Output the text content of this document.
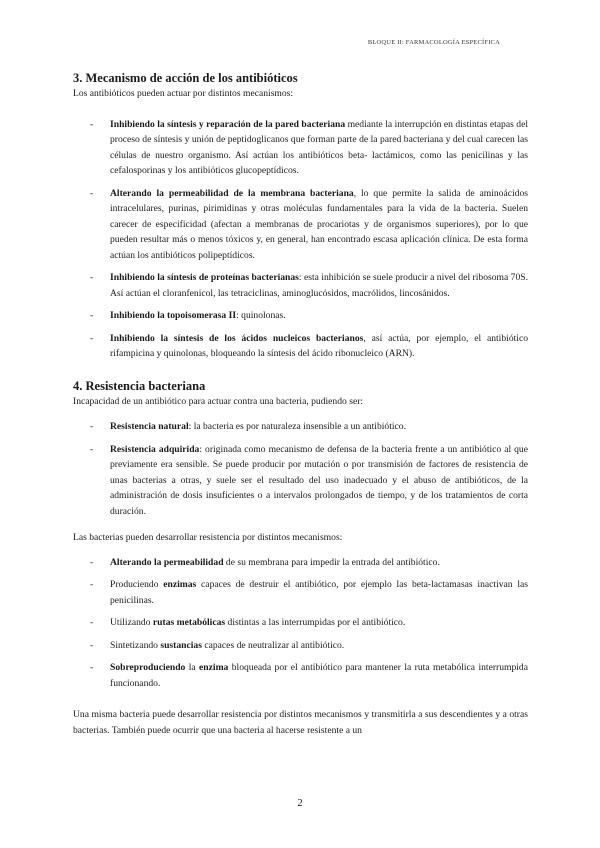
BLOQUE II: FARMACOLOGÍA ESPECÍFICA
3. Mecanismo de acción de los antibióticos

Los antibióticos pueden actuar por distintos mecanismos:

- Inhibiendo la síntesis y reparación de la pared bacteriana mediante la interrupción en distintas etapas del proceso de síntesis y unión de peptidoglicanos que forman parte de la pared bacteriana y del cual carecen las células de nuestro organismo. Así actúan los antibióticos beta- lactámicos, como las penicilinas y las cefalosporinas y los antibióticos glucopeptídicos.
- Alterando la permeabilidad de la membrana bacteriana, lo que permite la salida de aminoácidos intracelulares, purinas, pirimidinas y otras moléculas fundamentales para la vida de la bacteria. Suelen carecer de especificidad (afectan a membranas de procariotas y de organismos superiores), por lo que pueden resultar más o menos tóxicos y, en general, han encontrado escasa aplicación clínica. De esta forma actúan los antibióticos polipeptídicos.
- Inhibiendo la síntesis de proteínas bacterianas: esta inhibición se suele producir a nivel del ribosoma 70S. Así actúan el cloranfenicol, las tetraciclinas, aminoglucósidos, macrólidos, lincosánidos.
- Inhibiendo la topoisomerasa II: quinolonas.
- Inhibiendo la síntesis de los ácidos nucleicos bacterianos, así actúa, por ejemplo, el antibiótico rifampicina y quinolonas, bloqueando la síntesis del ácido ribonucleico (ARN).
4. Resistencia bacteriana

Incapacidad de un antibiótico para actuar contra una bacteria, pudiendo ser:

- Resistencia natural: la bacteria es por naturaleza insensible a un antibiótico.
- Resistencia adquirida: originada como mecanismo de defensa de la bacteria frente a un antibiótico al que previamente era sensible. Se puede producir por mutación o por transmisión de factores de resistencia de unas bacterias a otras, y suele ser el resultado del uso inadecuado y el abuso de antibióticos, de la administración de dosis insuficientes o a intervalos prolongados de tiempo, y de los tratamientos de corta duración.

Las bacterias pueden desarrollar resistencia por distintos mecanismos:

- Alterando la permeabilidad de su membrana para impedir la entrada del antibiótico.
- Produciendo enzimas capaces de destruir el antibiótico, por ejemplo las beta-lactamasas inactivan las penicilinas.
- Utilizando rutas metabólicas distintas a las interrumpidas por el antibiótico.
- Sintetizando sustancias capaces de neutralizar al antibiótico.
- Sobreproduciendo la enzima bloqueada por el antibiótico para mantener la ruta metabólica interrumpida funcionando.

Una misma bacteria puede desarrollar resistencia por distintos mecanismos y transmitirla a sus descendientes y a otras bacterias. También puede ocurrir que una bacteria al hacerse resistente a un

2
